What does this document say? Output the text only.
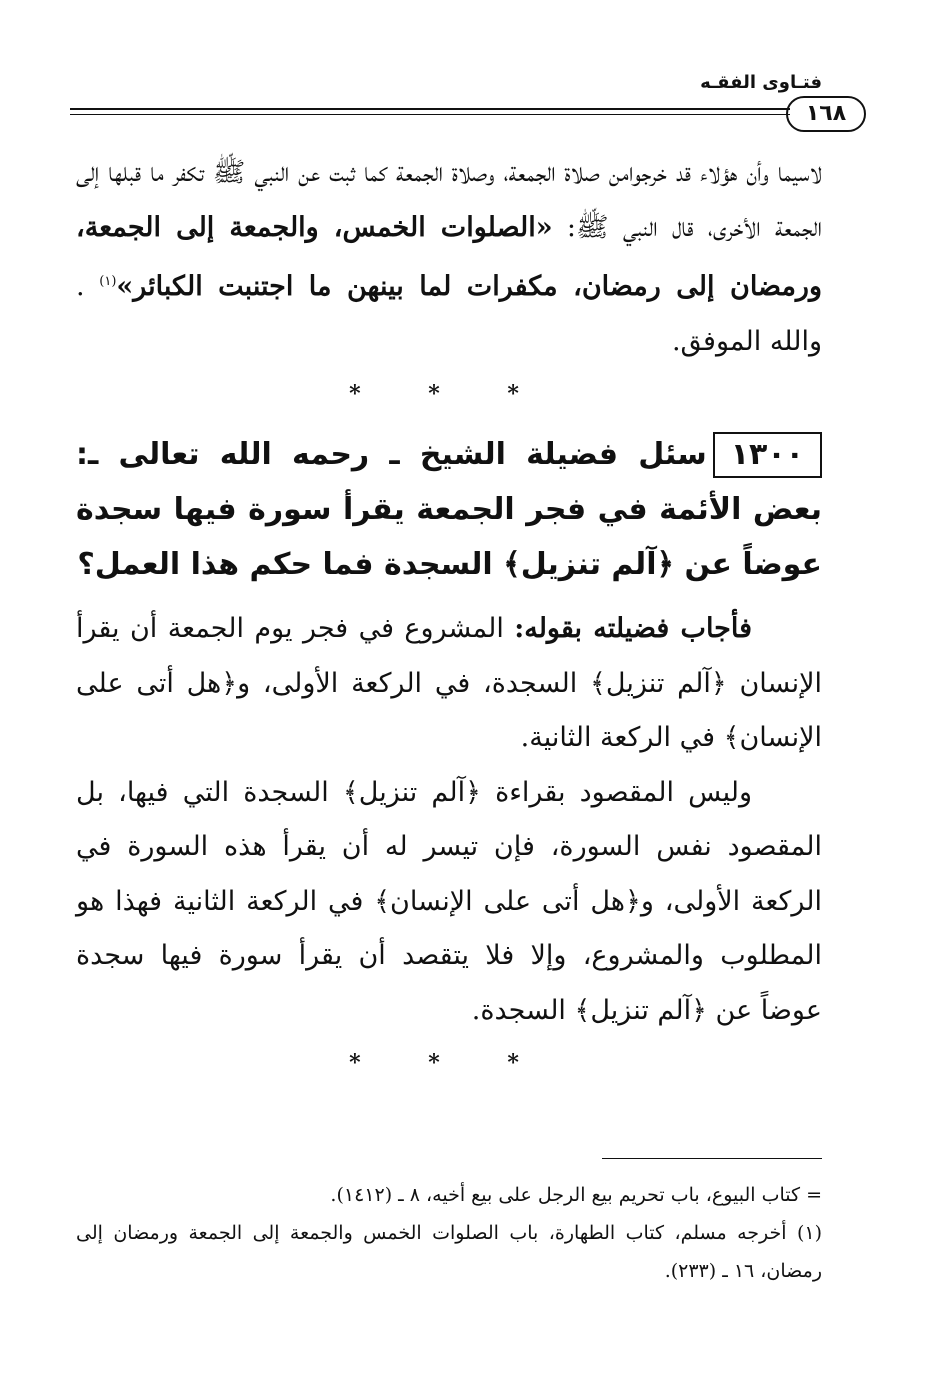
فتـاوى الفقـه
١٦٨

لاسيما وأن هؤلاء قد خرجوامن صلاة الجمعة، وصلاة الجمعة كما ثبت عن النبي ﷺ تكفر ما قبلها إلى الجمعة الأخرى، قال النبي ﷺ: «الصلوات الخمس، والجمعة إلى الجمعة، ورمضان إلى رمضان، مكفرات لما بينهن ما اجتنبت الكبائر»$^{(١)}$ . والله الموفق.

* * *

١٣٠٠سئل فضيلة الشيخ ـ رحمه الله تعالى ـ: بعض الأئمة في فجر الجمعة يقرأ سورة فيها سجدة عوضاً عن ﴿آلم تنزيل﴾ السجدة فما حكم هذا العمل؟

فأجاب فضيلته بقوله: المشروع في فجر يوم الجمعة أن يقرأ الإنسان ﴿آلم تنزيل﴾ السجدة، في الركعة الأولى، و﴿هل أتى على الإنسان﴾ في الركعة الثانية.

وليس المقصود بقراءة ﴿آلم تنزيل﴾ السجدة التي فيها، بل المقصود نفس السورة، فإن تيسر له أن يقرأ هذه السورة في الركعة الأولى، و﴿هل أتى على الإنسان﴾ في الركعة الثانية فهذا هو المطلوب والمشروع، وإلا فلا يتقصد أن يقرأ سورة فيها سجدة عوضاً عن ﴿آلم تنزيل﴾ السجدة.

* * *

= كتاب البيوع، باب تحريم بيع الرجل على بيع أخيه، ٨ ـ (١٤١٢).

(١) أخرجه مسلم، كتاب الطهارة، باب الصلوات الخمس والجمعة إلى الجمعة ورمضان إلى رمضان، ١٦ ـ (٢٣٣).
